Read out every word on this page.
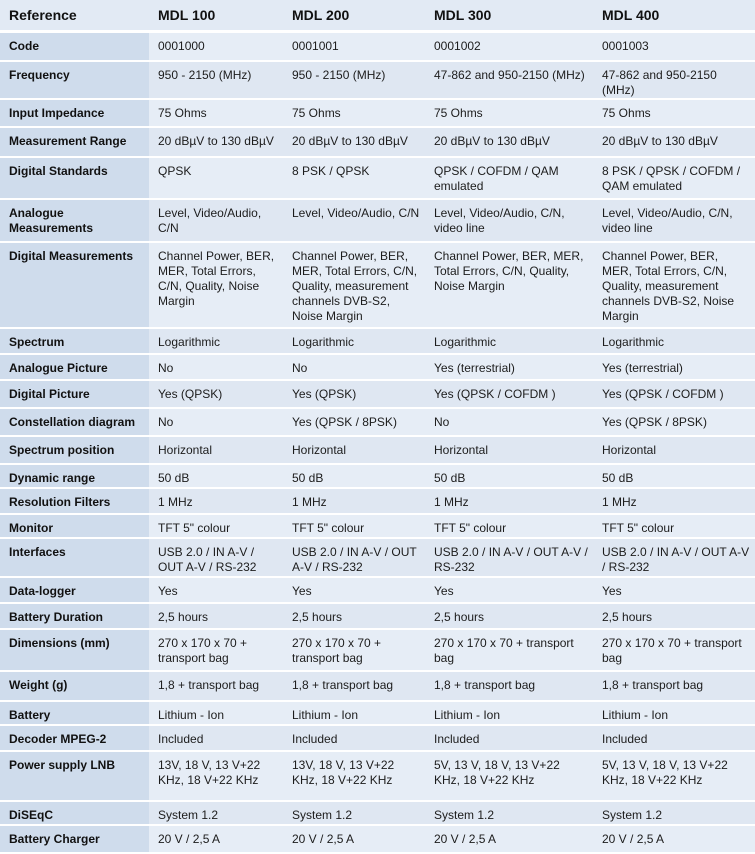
Reference	MDL 100	MDL 200	MDL 300	MDL 400
Code	0001000	0001001	0001002	0001003
Frequency	950 - 2150 (MHz)	950 - 2150 (MHz)	47-862 and 950-2150 (MHz)	47-862 and 950-2150 (MHz)
Input Impedance	75 Ohms	75 Ohms	75 Ohms	75 Ohms
Measurement Range	20 dBµV to 130 dBµV	20 dBµV to 130 dBµV	20 dBµV to 130 dBµV	20 dBµV to 130 dBµV
Digital Standards	QPSK	8 PSK / QPSK	QPSK / COFDM / QAM emulated	8 PSK / QPSK / COFDM / QAM emulated
Analogue Measurements	Level, Video/Audio, C/N	Level, Video/Audio, C/N	Level, Video/Audio, C/N, video line	Level, Video/Audio, C/N, video line
Digital Measurements	Channel Power, BER, MER, Total Errors, C/N, Quality, Noise Margin	Channel Power, BER, MER, Total Errors, C/N, Quality, measurement channels DVB-S2, Noise Margin	Channel Power, BER, MER, Total Errors, C/N, Quality, Noise Margin	Channel Power, BER, MER, Total Errors, C/N, Quality, measurement channels DVB-S2, Noise Margin
Spectrum	Logarithmic	Logarithmic	Logarithmic	Logarithmic
Analogue Picture	No	No	Yes (terrestrial)	Yes (terrestrial)
Digital Picture	Yes (QPSK)	Yes (QPSK)	Yes (QPSK / COFDM )	Yes (QPSK / COFDM )
Constellation diagram	No	Yes (QPSK / 8PSK)	No	Yes (QPSK / 8PSK)
Spectrum position	Horizontal	Horizontal	Horizontal	Horizontal
Dynamic range	50 dB	50 dB	50 dB	50 dB
Resolution Filters	1 MHz	1 MHz	1 MHz	1 MHz
Monitor	TFT 5" colour	TFT 5" colour	TFT 5" colour	TFT 5" colour
Interfaces	USB 2.0 / IN A-V / OUT A-V / RS-232	USB 2.0 / IN A-V / OUT A-V / RS-232	USB 2.0 / IN A-V / OUT A-V / RS-232	USB 2.0 / IN A-V / OUT A-V / RS-232
Data-logger	Yes	Yes	Yes	Yes
Battery Duration	2,5 hours	2,5 hours	2,5 hours	2,5 hours
Dimensions (mm)	270 x 170 x 70 + transport bag	270 x 170 x 70 + transport bag	270 x 170 x 70 + transport bag	270 x 170 x 70 + transport bag
Weight (g)	1,8 + transport bag	1,8 + transport bag	1,8 + transport bag	1,8 + transport bag
Battery	Lithium - Ion	Lithium - Ion	Lithium - Ion	Lithium - Ion
Decoder MPEG-2	Included	Included	Included	Included
Power supply LNB	13V, 18 V, 13 V+22 KHz, 18 V+22 KHz	13V, 18 V, 13 V+22 KHz, 18 V+22 KHz	5V, 13 V, 18 V, 13 V+22 KHz, 18 V+22 KHz	5V, 13 V, 18 V, 13 V+22 KHz, 18 V+22 KHz
DiSEqC	System 1.2	System 1.2	System 1.2	System 1.2
Battery Charger	20 V / 2,5 A	20 V / 2,5 A	20 V / 2,5 A	20 V / 2,5 A
